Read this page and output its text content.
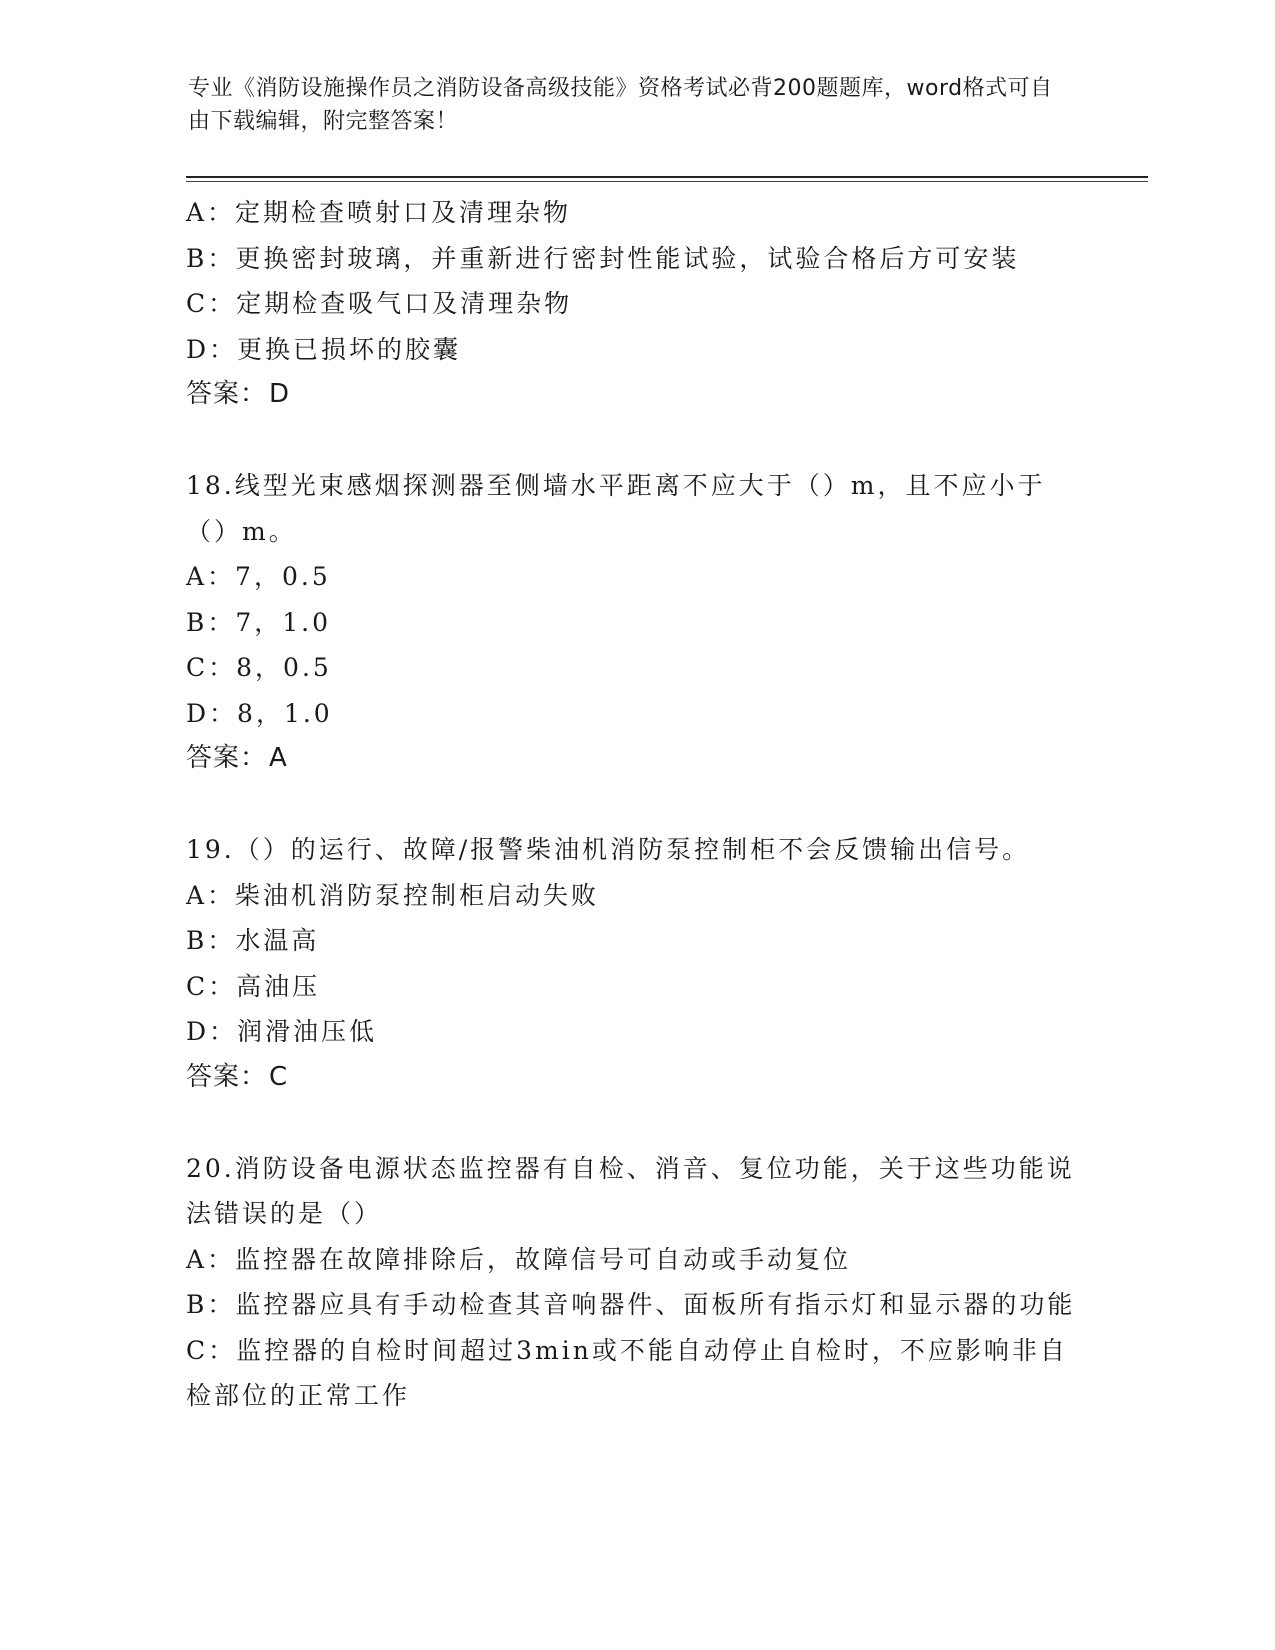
专业《消防设施操作员之消防设备高级技能》资格考试必背200题题库，word格式可自由下载编辑，附完整答案！
A：定期检查喷射口及清理杂物
B：更换密封玻璃，并重新进行密封性能试验，试验合格后方可安装
C：定期检查吸气口及清理杂物
D：更换已损坏的胶囊
答案：D
18.线型光束感烟探测器至侧墙水平距离不应大于（）m，且不应小于（）m。
A：7，0.5
B：7，1.0
C：8，0.5
D：8，1.0
答案：A
19.（）的运行、故障/报警柴油机消防泵控制柜不会反馈输出信号。
A：柴油机消防泵控制柜启动失败
B：水温高
C：高油压
D：润滑油压低
答案：C
20.消防设备电源状态监控器有自检、消音、复位功能，关于这些功能说法错误的是（）
A：监控器在故障排除后，故障信号可自动或手动复位
B：监控器应具有手动检查其音响器件、面板所有指示灯和显示器的功能
C：监控器的自检时间超过3min或不能自动停止自检时，不应影响非自检部位的正常工作
